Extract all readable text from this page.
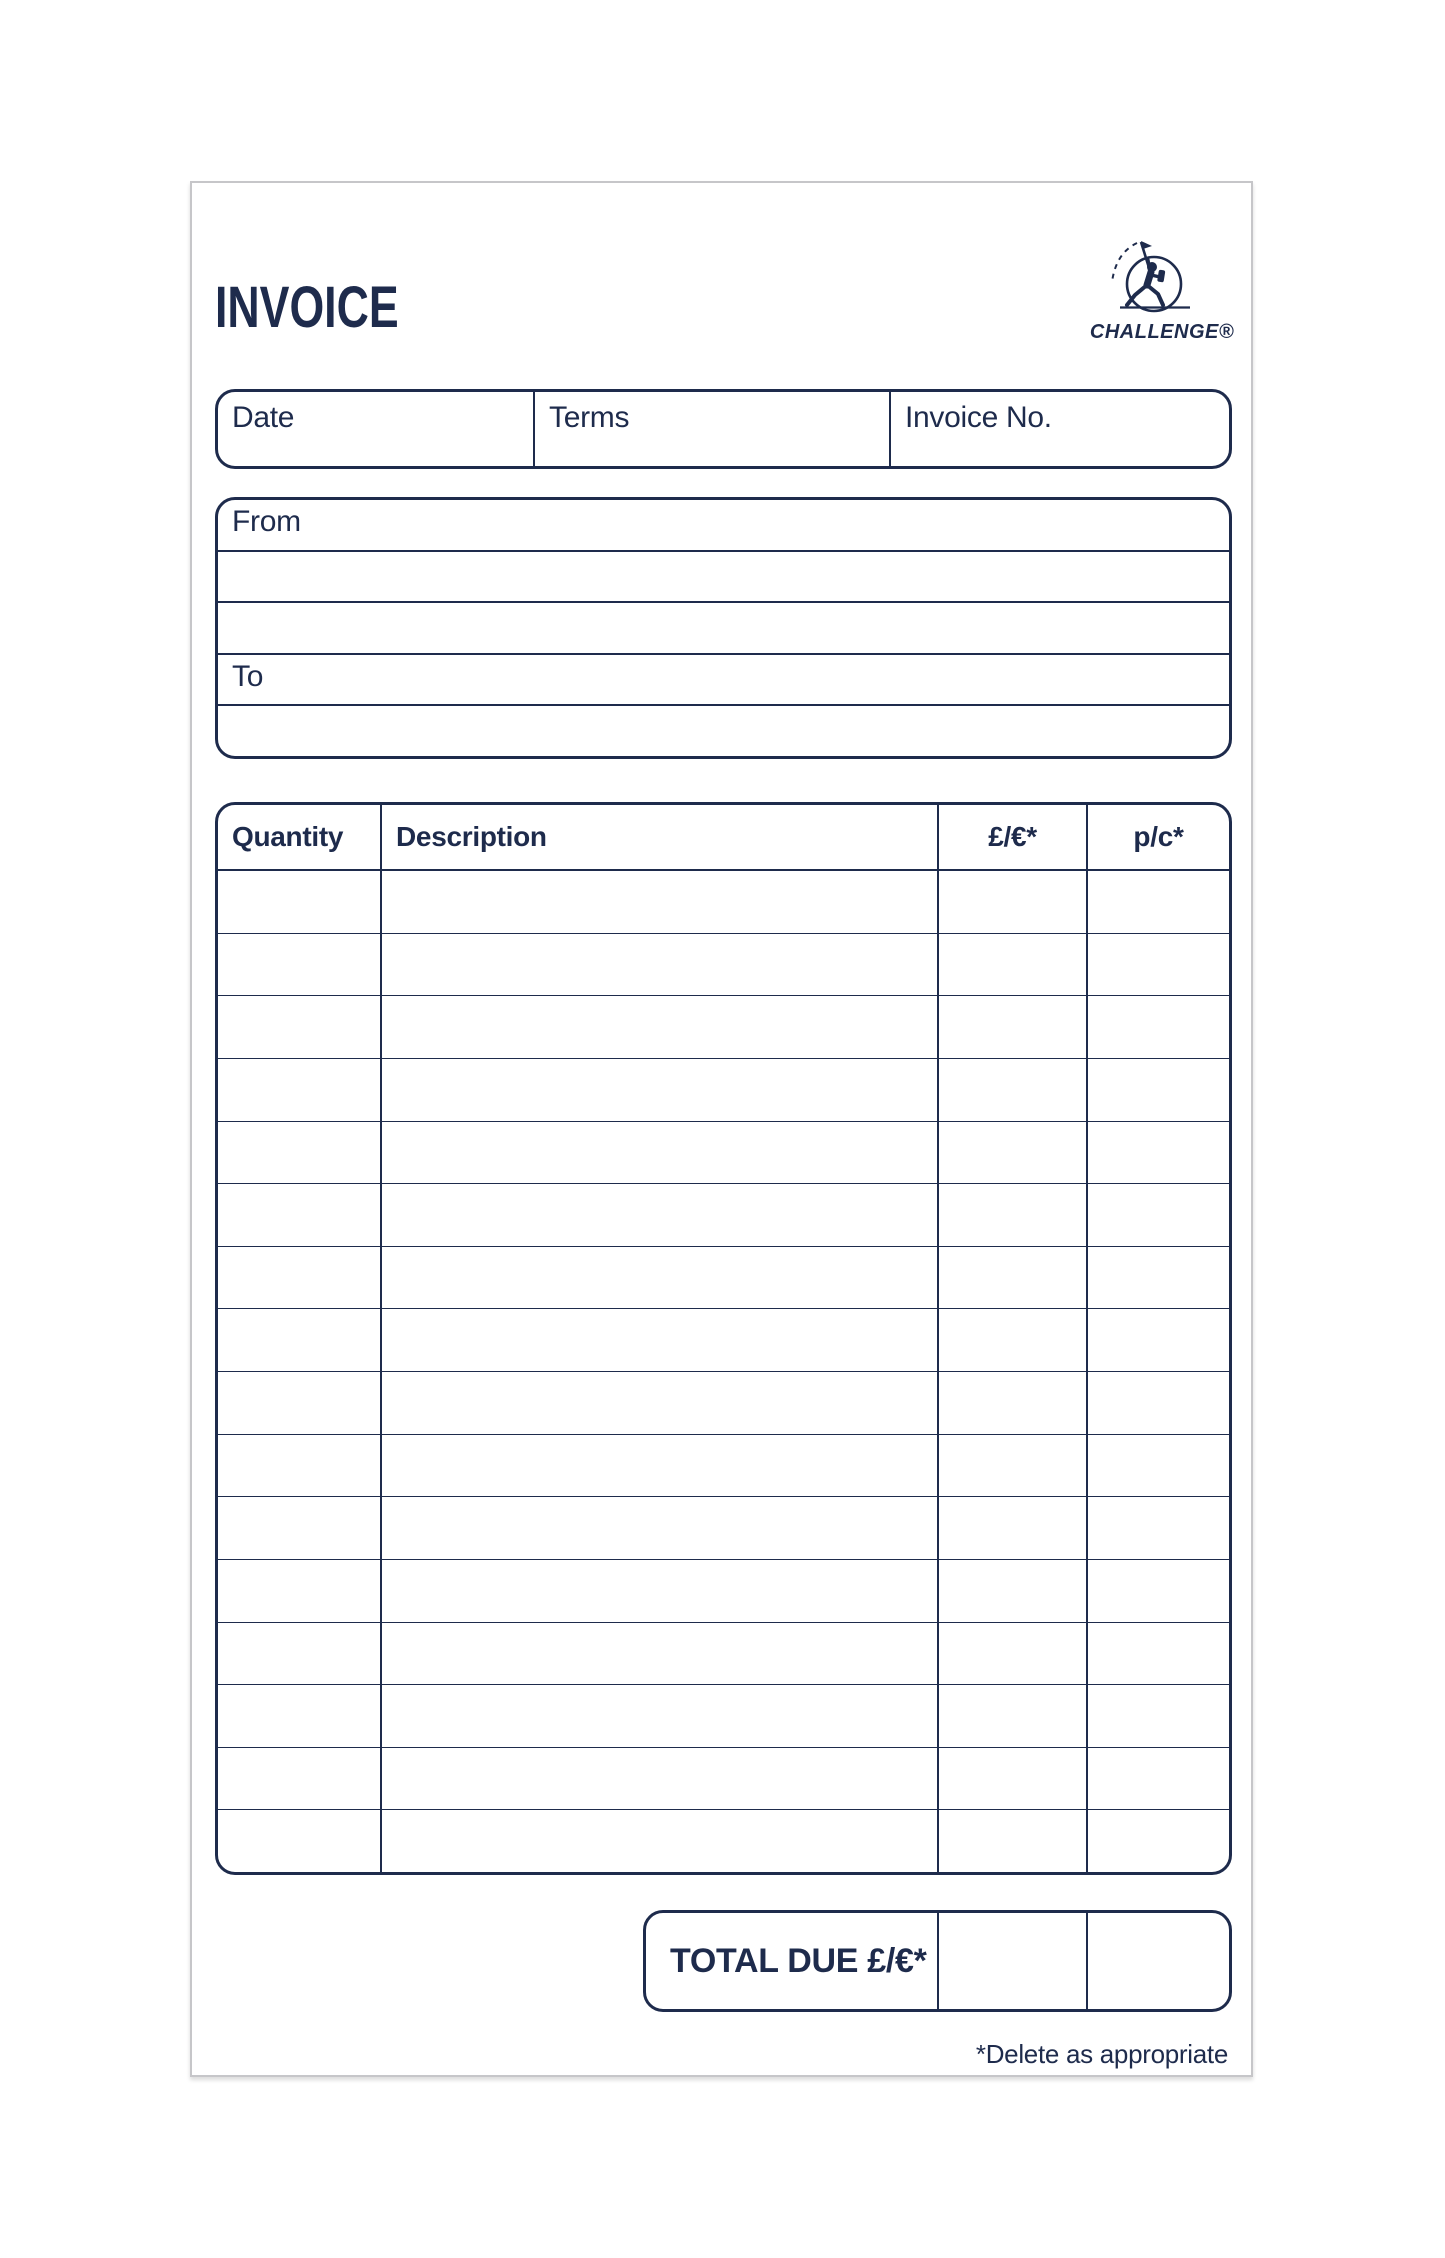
INVOICE	CHALLENGE®
Date	Terms	Invoice No.
From
To
Quantity	Description	£/€*	p/c*
TOTAL DUE £/€*
*Delete as appropriate
